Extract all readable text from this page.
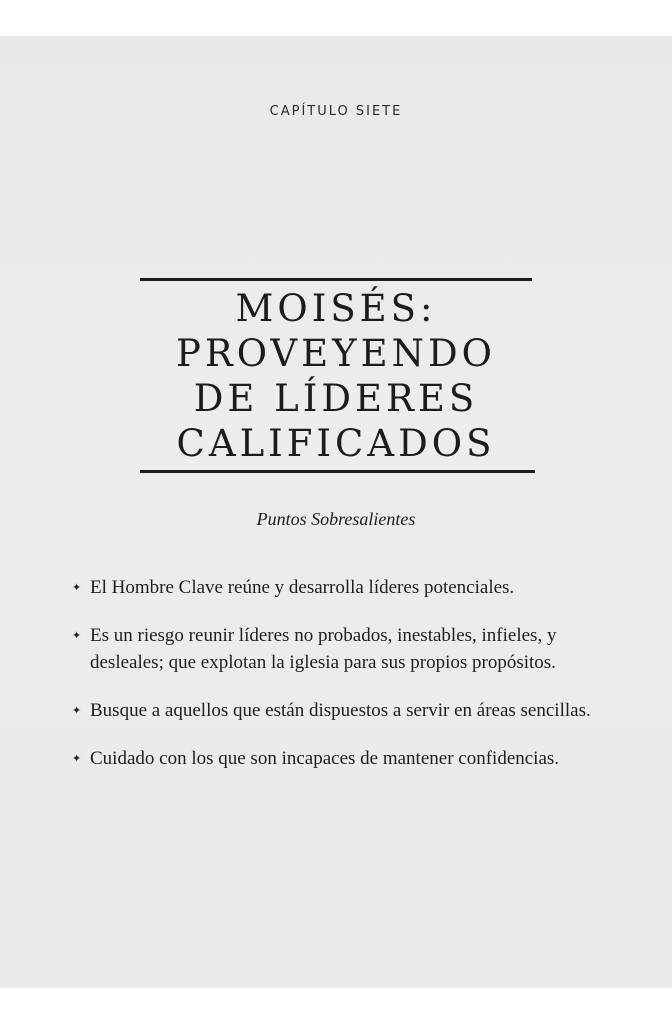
CAPÍTULO SIETE
MOISÉS:
PROVEYENDO
DE LÍDERES
CALIFICADOS
Puntos Sobresalientes
✦ El Hombre Clave reúne y desarrolla líderes potenciales.
✦ Es un riesgo reunir líderes no probados, inestables, infieles, y desleales; que explotan la iglesia para sus propios propósitos.
✦ Busque a aquellos que están dispuestos a servir en áreas sencillas.
✦ Cuidado con los que son incapaces de mantener confidencias.
